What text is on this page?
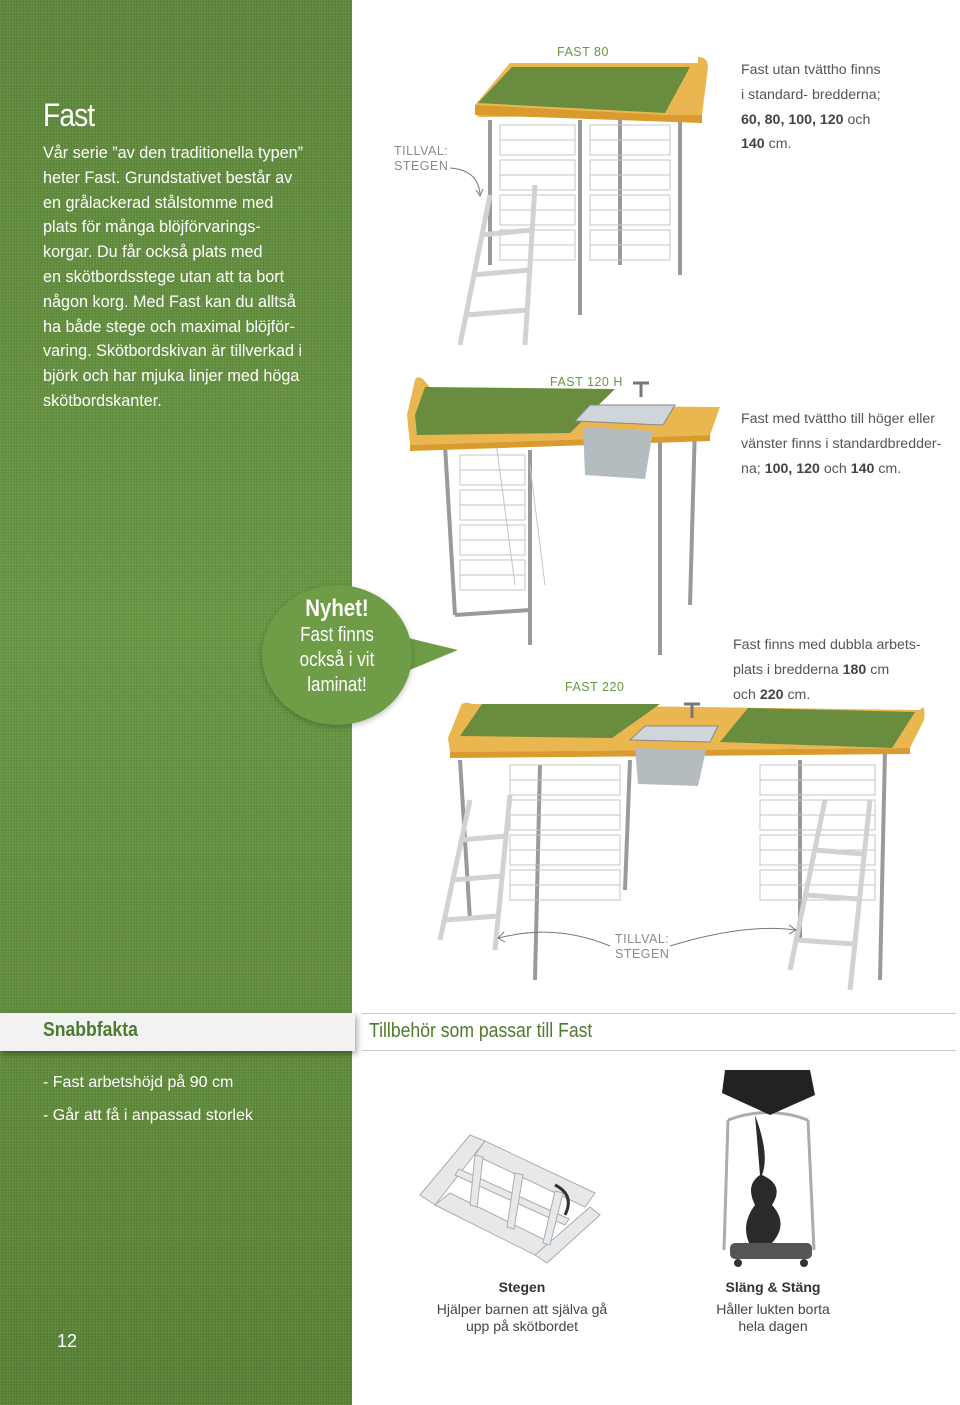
Fast
Vår serie ”av den traditionella typen”
heter Fast. Grundstativet består av
en grålackerad stålstomme med
plats för många blöjförvarings-
korgar. Du får också plats med
en skötbordsstege utan att ta bort
någon korg. Med Fast kan du alltså
ha både stege och maximal blöjför-
varing. Skötbordskivan är tillverkad i
björk och har mjuka linjer med höga
skötbordskanter.
FAST 80
TILLVAL:
STEGEN
Fast utan tvättho finns
i standard- bredderna;
60, 80, 100, 120 och
140 cm.
FAST 120 H
Fast med tvättho till höger eller
vänster finns i standardbredder-
na; 100, 120 och 140 cm.
Nyhet!
Fast finns
också i vit
laminat!	FAST 220
Fast finns med dubbla arbets-
plats i bredderna 180 cm
och 220 cm.
TILLVAL:
STEGEN
Snabbfakta
- Fast arbetshöjd på 90 cm
- Går att få i anpassad storlek
Tillbehör som passar till Fast
Stegen
Hjälper barnen att själva gå
upp på skötbordet
Släng & Stäng
Håller lukten borta
hela dagen
12
